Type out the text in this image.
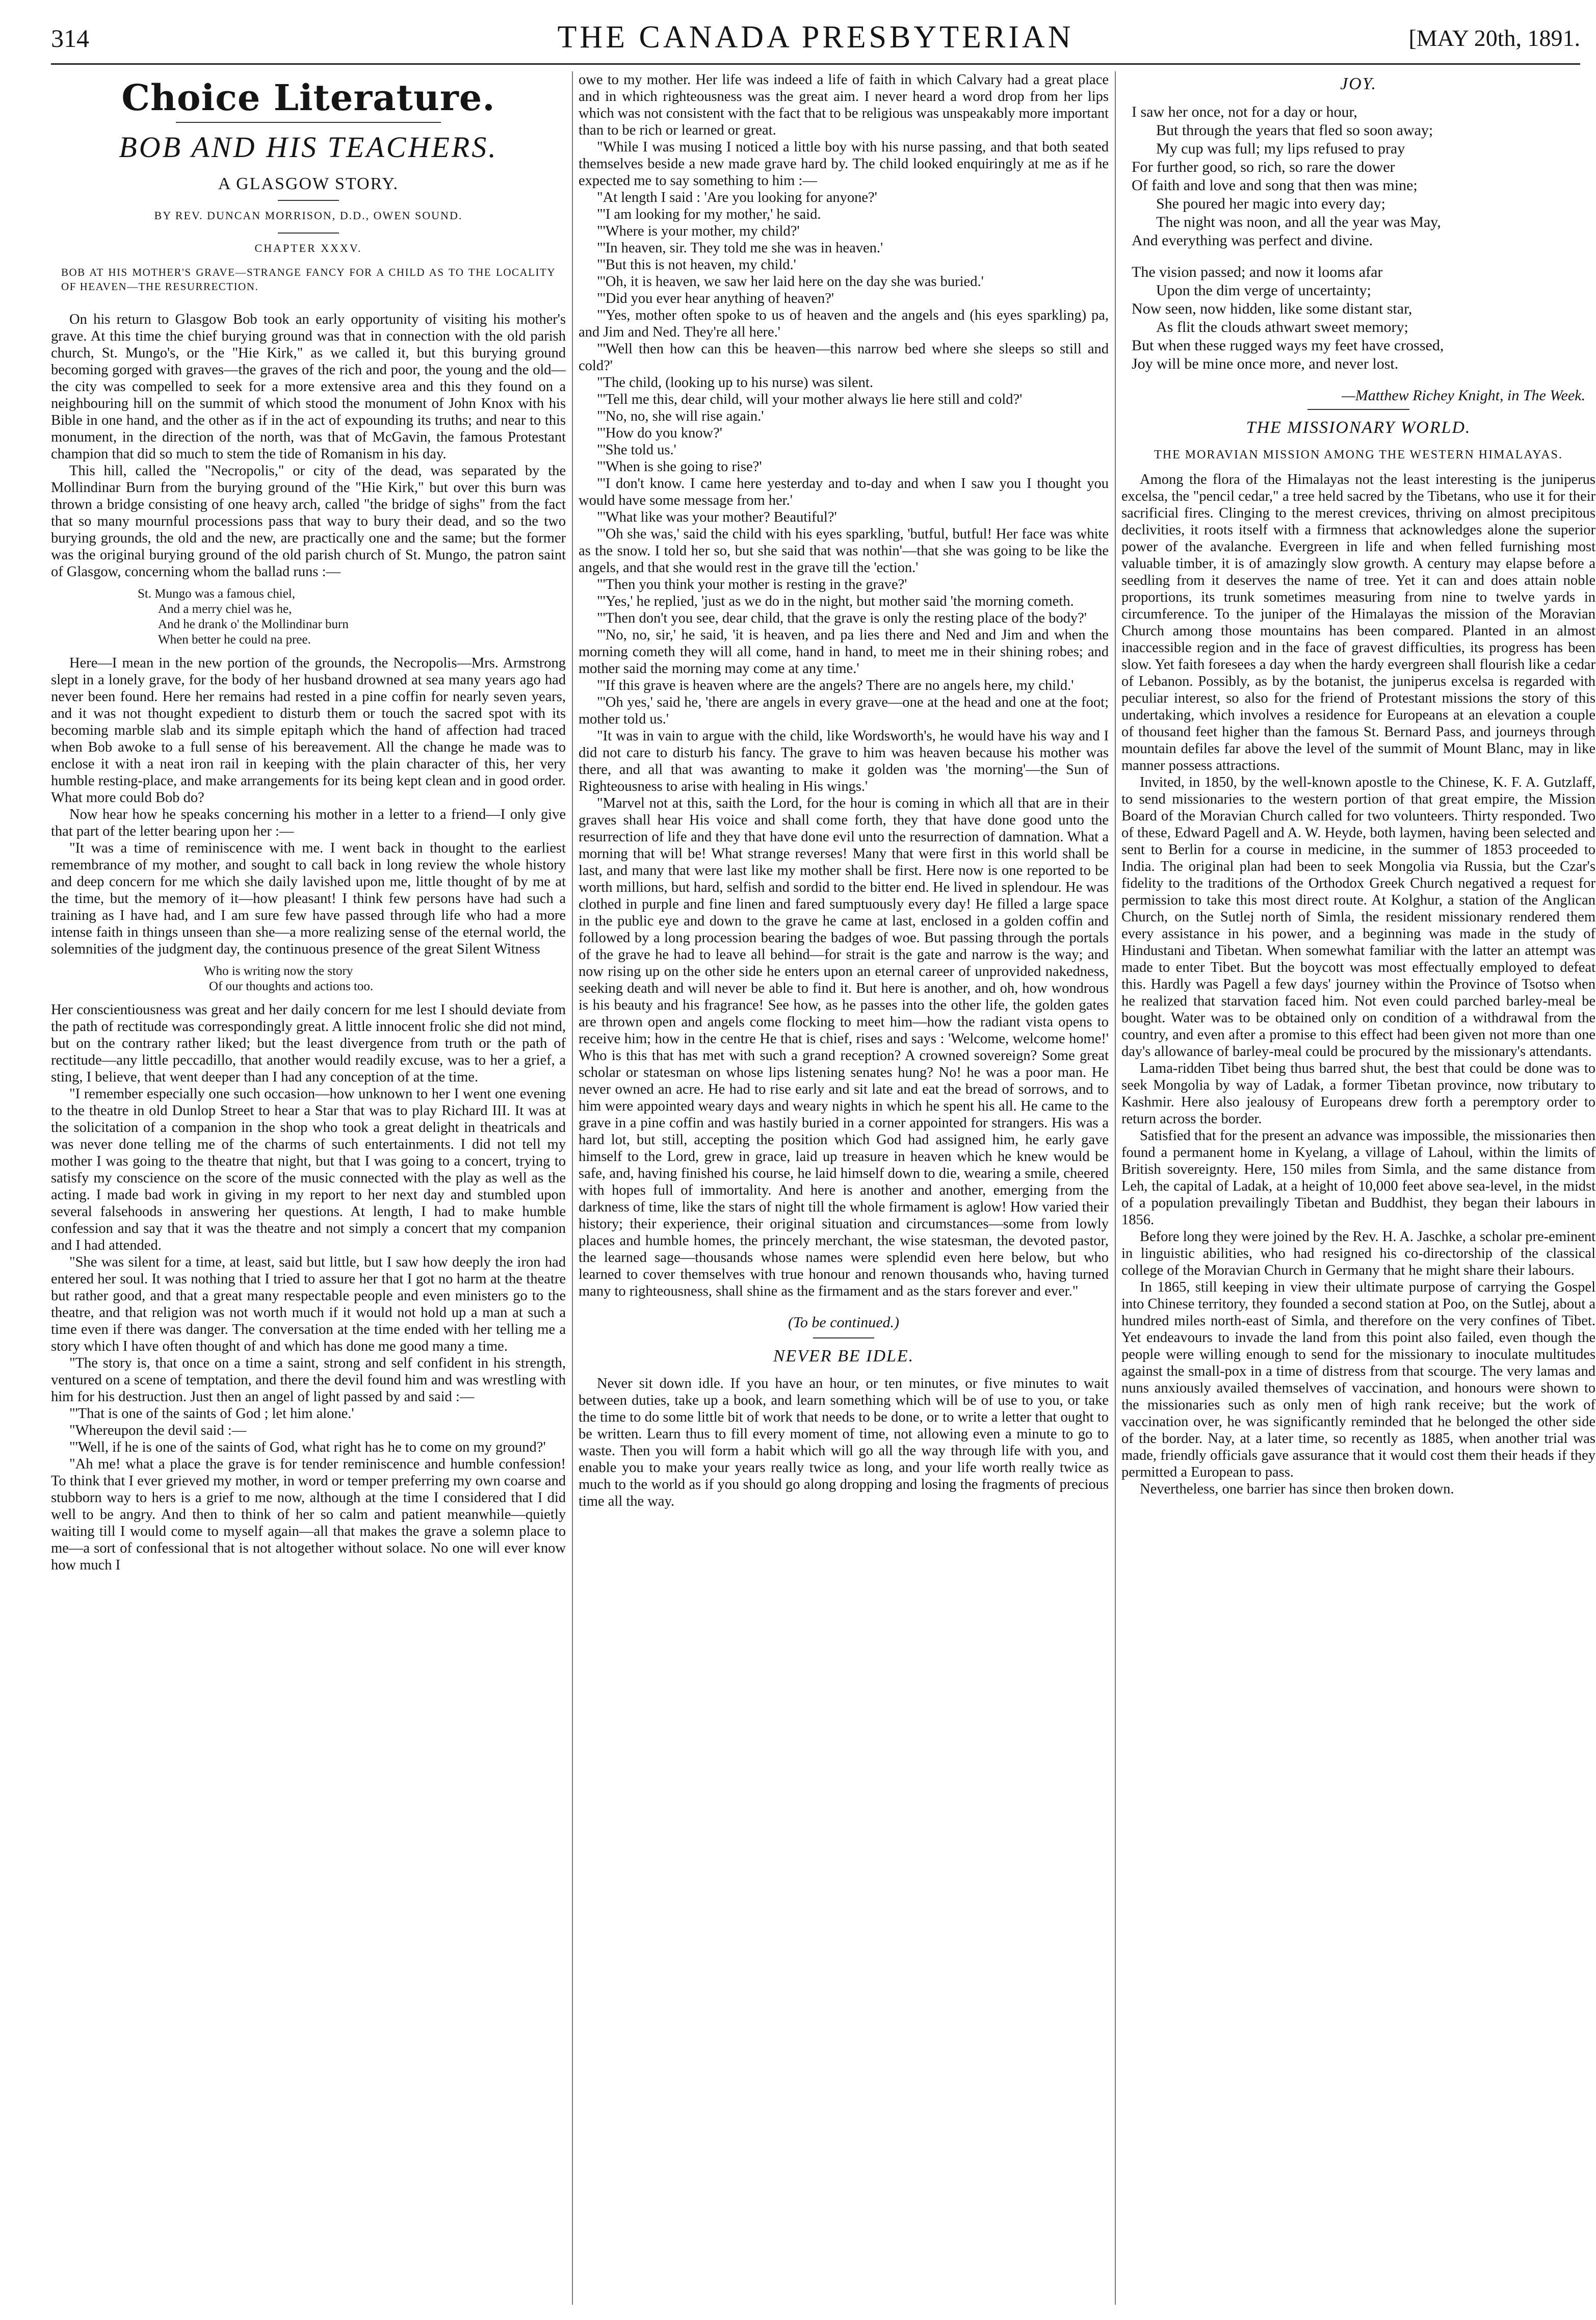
314	THE CANADA PRESBYTERIAN	[MAY 20th, 1891.
Choice Literature.
BOB AND HIS TEACHERS.
A GLASGOW STORY.
BY REV. DUNCAN MORRISON, D.D., OWEN SOUND.
CHAPTER XXXV.
BOB AT HIS MOTHER'S GRAVE—STRANGE FANCY FOR A CHILD AS TO THE LOCALITY OF HEAVEN—THE RESURRECTION.

On his return to Glasgow Bob took an early opportunity of visiting his mother's grave. At this time the chief burying ground was that in connection with the old parish church, St. Mungo's, or the "Hie Kirk," as we called it, but this burying ground becoming gorged with graves—the graves of the rich and poor, the young and the old—the city was compelled to seek for a more extensive area and this they found on a neighbouring hill on the summit of which stood the monument of John Knox with his Bible in one hand, and the other as if in the act of expounding its truths; and near to this monument, in the direction of the north, was that of McGavin, the famous Protestant champion that did so much to stem the tide of Romanism in his day.

This hill, called the "Necropolis," or city of the dead, was separated by the Mollindinar Burn from the burying ground of the "Hie Kirk," but over this burn was thrown a bridge consisting of one heavy arch, called "the bridge of sighs" from the fact that so many mournful processions pass that way to bury their dead, and so the two burying grounds, the old and the new, are practically one and the same; but the former was the original burying ground of the old parish church of St. Mungo, the patron saint of Glasgow, concerning whom the ballad runs :—

St. Mungo was a famous chiel,
And a merry chiel was he,
And he drank o' the Mollindinar burn
When better he could na pree.

Here—I mean in the new portion of the grounds, the Necropolis—Mrs. Armstrong slept in a lonely grave, for the body of her husband drowned at sea many years ago had never been found. Here her remains had rested in a pine coffin for nearly seven years, and it was not thought expedient to disturb them or touch the sacred spot with its becoming marble slab and its simple epitaph which the hand of affection had traced when Bob awoke to a full sense of his bereavement. All the change he made was to enclose it with a neat iron rail in keeping with the plain character of this, her very humble resting-place, and make arrangements for its being kept clean and in good order. What more could Bob do?

Now hear how he speaks concerning his mother in a letter to a friend—I only give that part of the letter bearing upon her :—

"It was a time of reminiscence with me. I went back in thought to the earliest remembrance of my mother, and sought to call back in long review the whole history and deep concern for me which she daily lavished upon me, little thought of by me at the time, but the memory of it—how pleasant! I think few persons have had such a training as I have had, and I am sure few have passed through life who had a more intense faith in things unseen than she—a more realizing sense of the eternal world, the solemnities of the judgment day, the continuous presence of the great Silent Witness

Who is writing now the story
Of our thoughts and actions too.

Her conscientiousness was great and her daily concern for me lest I should deviate from the path of rectitude was correspondingly great. A little innocent frolic she did not mind, but on the contrary rather liked; but the least divergence from truth or the path of rectitude—any little peccadillo, that another would readily excuse, was to her a grief, a sting, I believe, that went deeper than I had any conception of at the time.

"I remember especially one such occasion—how unknown to her I went one evening to the theatre in old Dunlop Street to hear a Star that was to play Richard III. It was at the solicitation of a companion in the shop who took a great delight in theatricals and was never done telling me of the charms of such entertainments. I did not tell my mother I was going to the theatre that night, but that I was going to a concert, trying to satisfy my conscience on the score of the music connected with the play as well as the acting. I made bad work in giving in my report to her next day and stumbled upon several falsehoods in answering her questions. At length, I had to make humble confession and say that it was the theatre and not simply a concert that my companion and I had attended.

"She was silent for a time, at least, said but little, but I saw how deeply the iron had entered her soul. It was nothing that I tried to assure her that I got no harm at the theatre but rather good, and that a great many respectable people and even ministers go to the theatre, and that religion was not worth much if it would not hold up a man at such a time even if there was danger. The conversation at the time ended with her telling me a story which I have often thought of and which has done me good many a time.

"The story is, that once on a time a saint, strong and self confident in his strength, ventured on a scene of temptation, and there the devil found him and was wrestling with him for his destruction. Just then an angel of light passed by and said :—

"'That is one of the saints of God ; let him alone.'

"Whereupon the devil said :—

"'Well, if he is one of the saints of God, what right has he to come on my ground?'

"Ah me! what a place the grave is for tender reminiscence and humble confession! To think that I ever grieved my mother, in word or temper preferring my own coarse and stubborn way to hers is a grief to me now, although at the time I considered that I did well to be angry. And then to think of her so calm and patient meanwhile—quietly waiting till I would come to myself again—all that makes the grave a solemn place to me—a sort of confessional that is not altogether without solace. No one will ever know how much I

owe to my mother. Her life was indeed a life of faith in which Calvary had a great place and in which righteousness was the great aim. I never heard a word drop from her lips which was not consistent with the fact that to be religious was unspeakably more important than to be rich or learned or great.

"While I was musing I noticed a little boy with his nurse passing, and that both seated themselves beside a new made grave hard by. The child looked enquiringly at me as if he expected me to say something to him :—

"At length I said : 'Are you looking for anyone?'

"'I am looking for my mother,' he said.

"'Where is your mother, my child?'

"'In heaven, sir. They told me she was in heaven.'

"'But this is not heaven, my child.'

"'Oh, it is heaven, we saw her laid here on the day she was buried.'

"'Did you ever hear anything of heaven?'

"'Yes, mother often spoke to us of heaven and the angels and (his eyes sparkling) pa, and Jim and Ned. They're all here.'

"'Well then how can this be heaven—this narrow bed where she sleeps so still and cold?'

"The child, (looking up to his nurse) was silent.

"'Tell me this, dear child, will your mother always lie here still and cold?'

"'No, no, she will rise again.'

"'How do you know?'

"'She told us.'

"'When is she going to rise?'

"'I don't know. I came here yesterday and to-day and when I saw you I thought you would have some message from her.'

"'What like was your mother? Beautiful?'

"'Oh she was,' said the child with his eyes sparkling, 'butful, butful! Her face was white as the snow. I told her so, but she said that was nothin'—that she was going to be like the angels, and that she would rest in the grave till the 'ection.'

"'Then you think your mother is resting in the grave?'

"'Yes,' he replied, 'just as we do in the night, but mother said 'the morning cometh.

"'Then don't you see, dear child, that the grave is only the resting place of the body?'

"'No, no, sir,' he said, 'it is heaven, and pa lies there and Ned and Jim and when the morning cometh they will all come, hand in hand, to meet me in their shining robes; and mother said the morning may come at any time.'

"'If this grave is heaven where are the angels? There are no angels here, my child.'

"'Oh yes,' said he, 'there are angels in every grave—one at the head and one at the foot; mother told us.'

"It was in vain to argue with the child, like Wordsworth's, he would have his way and I did not care to disturb his fancy. The grave to him was heaven because his mother was there, and all that was awanting to make it golden was 'the morning'—the Sun of Righteousness to arise with healing in His wings.'

"Marvel not at this, saith the Lord, for the hour is coming in which all that are in their graves shall hear His voice and shall come forth, they that have done good unto the resurrection of life and they that have done evil unto the resurrection of damnation. What a morning that will be! What strange reverses! Many that were first in this world shall be last, and many that were last like my mother shall be first. Here now is one reported to be worth millions, but hard, selfish and sordid to the bitter end. He lived in splendour. He was clothed in purple and fine linen and fared sumptuously every day! He filled a large space in the public eye and down to the grave he came at last, enclosed in a golden coffin and followed by a long procession bearing the badges of woe. But passing through the portals of the grave he had to leave all behind—for strait is the gate and narrow is the way; and now rising up on the other side he enters upon an eternal career of unprovided nakedness, seeking death and will never be able to find it. But here is another, and oh, how wondrous is his beauty and his fragrance! See how, as he passes into the other life, the golden gates are thrown open and angels come flocking to meet him—how the radiant vista opens to receive him; how in the centre He that is chief, rises and says : 'Welcome, welcome home!' Who is this that has met with such a grand reception? A crowned sovereign? Some great scholar or statesman on whose lips listening senates hung? No! he was a poor man. He never owned an acre. He had to rise early and sit late and eat the bread of sorrows, and to him were appointed weary days and weary nights in which he spent his all. He came to the grave in a pine coffin and was hastily buried in a corner appointed for strangers. His was a hard lot, but still, accepting the position which God had assigned him, he early gave himself to the Lord, grew in grace, laid up treasure in heaven which he knew would be safe, and, having finished his course, he laid himself down to die, wearing a smile, cheered with hopes full of immortality. And here is another and another, emerging from the darkness of time, like the stars of night till the whole firmament is aglow! How varied their history; their experience, their original situation and circumstances—some from lowly places and humble homes, the princely merchant, the wise statesman, the devoted pastor, the learned sage—thousands whose names were splendid even here below, but who learned to cover themselves with true honour and renown thousands who, having turned many to righteousness, shall shine as the firmament and as the stars forever and ever."

(To be continued.)
NEVER BE IDLE.

Never sit down idle. If you have an hour, or ten minutes, or five minutes to wait between duties, take up a book, and learn something which will be of use to you, or take the time to do some little bit of work that needs to be done, or to write a letter that ought to be written. Learn thus to fill every moment of time, not allowing even a minute to go to waste. Then you will form a habit which will go all the way through life with you, and enable you to make your years really twice as long, and your life worth really twice as much to the world as if you should go along dropping and losing the fragments of precious time all the way.

JOY.
I saw her once, not for a day or hour,
But through the years that fled so soon away;
My cup was full; my lips refused to pray
For further good, so rich, so rare the dower
Of faith and love and song that then was mine;
She poured her magic into every day;
The night was noon, and all the year was May,
And everything was perfect and divine.
The vision passed; and now it looms afar
Upon the dim verge of uncertainty;
Now seen, now hidden, like some distant star,
As flit the clouds athwart sweet memory;
But when these rugged ways my feet have crossed,
Joy will be mine once more, and never lost.
—Matthew Richey Knight, in The Week.
THE MISSIONARY WORLD.
THE MORAVIAN MISSION AMONG THE WESTERN HIMALAYAS.

Among the flora of the Himalayas not the least interesting is the juniperus excelsa, the "pencil cedar," a tree held sacred by the Tibetans, who use it for their sacrificial fires. Clinging to the merest crevices, thriving on almost precipitous declivities, it roots itself with a firmness that acknowledges alone the superior power of the avalanche. Evergreen in life and when felled furnishing most valuable timber, it is of amazingly slow growth. A century may elapse before a seedling from it deserves the name of tree. Yet it can and does attain noble proportions, its trunk sometimes measuring from nine to twelve yards in circumference. To the juniper of the Himalayas the mission of the Moravian Church among those mountains has been compared. Planted in an almost inaccessible region and in the face of gravest difficulties, its progress has been slow. Yet faith foresees a day when the hardy evergreen shall flourish like a cedar of Lebanon. Possibly, as by the botanist, the juniperus excelsa is regarded with peculiar interest, so also for the friend of Protestant missions the story of this undertaking, which involves a residence for Europeans at an elevation a couple of thousand feet higher than the famous St. Bernard Pass, and journeys through mountain defiles far above the level of the summit of Mount Blanc, may in like manner possess attractions.

Invited, in 1850, by the well-known apostle to the Chinese, K. F. A. Gutzlaff, to send missionaries to the western portion of that great empire, the Mission Board of the Moravian Church called for two volunteers. Thirty responded. Two of these, Edward Pagell and A. W. Heyde, both laymen, having been selected and sent to Berlin for a course in medicine, in the summer of 1853 proceeded to India. The original plan had been to seek Mongolia via Russia, but the Czar's fidelity to the traditions of the Orthodox Greek Church negatived a request for permission to take this most direct route. At Kolghur, a station of the Anglican Church, on the Sutlej north of Simla, the resident missionary rendered them every assistance in his power, and a beginning was made in the study of Hindustani and Tibetan. When somewhat familiar with the latter an attempt was made to enter Tibet. But the boycott was most effectually employed to defeat this. Hardly was Pagell a few days' journey within the Province of Tsotso when he realized that starvation faced him. Not even could parched barley-meal be bought. Water was to be obtained only on condition of a withdrawal from the country, and even after a promise to this effect had been given not more than one day's allowance of barley-meal could be procured by the missionary's attendants.

Lama-ridden Tibet being thus barred shut, the best that could be done was to seek Mongolia by way of Ladak, a former Tibetan province, now tributary to Kashmir. Here also jealousy of Europeans drew forth a peremptory order to return across the border.

Satisfied that for the present an advance was impossible, the missionaries then found a permanent home in Kyelang, a village of Lahoul, within the limits of British sovereignty. Here, 150 miles from Simla, and the same distance from Leh, the capital of Ladak, at a height of 10,000 feet above sea-level, in the midst of a population prevailingly Tibetan and Buddhist, they began their labours in 1856.

Before long they were joined by the Rev. H. A. Jaschke, a scholar pre-eminent in linguistic abilities, who had resigned his co-directorship of the classical college of the Moravian Church in Germany that he might share their labours.

In 1865, still keeping in view their ultimate purpose of carrying the Gospel into Chinese territory, they founded a second station at Poo, on the Sutlej, about a hundred miles north-east of Simla, and therefore on the very confines of Tibet. Yet endeavours to invade the land from this point also failed, even though the people were willing enough to send for the missionary to inoculate multitudes against the small-pox in a time of distress from that scourge. The very lamas and nuns anxiously availed themselves of vaccination, and honours were shown to the missionaries such as only men of high rank receive; but the work of vaccination over, he was significantly reminded that he belonged the other side of the border. Nay, at a later time, so recently as 1885, when another trial was made, friendly officials gave assurance that it would cost them their heads if they permitted a European to pass.

Nevertheless, one barrier has since then broken down.
